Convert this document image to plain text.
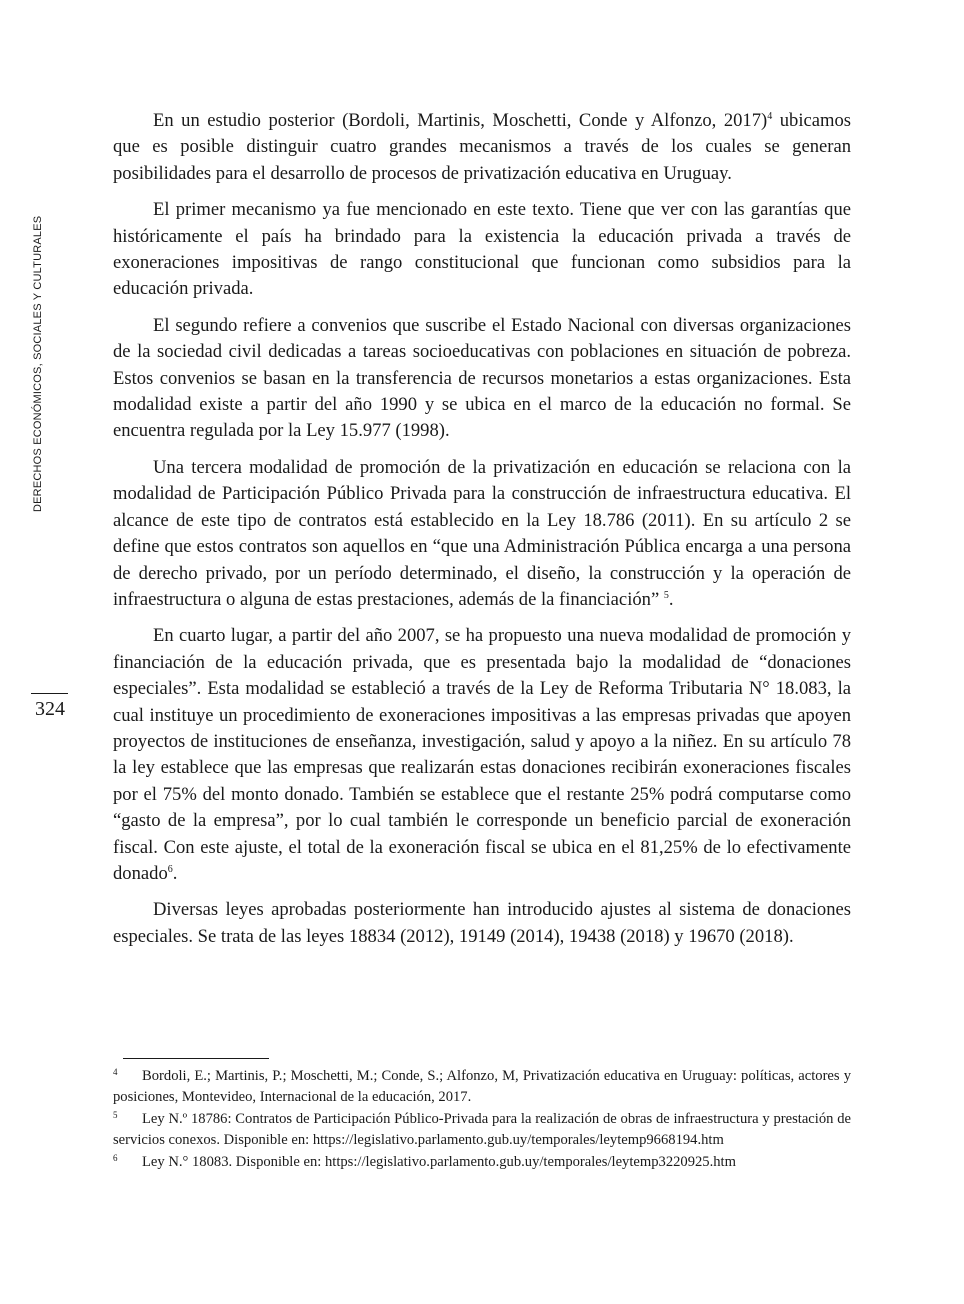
DERECHOS ECONÓMICOS, SOCIALES Y CULTURALES
324

En un estudio posterior (Bordoli, Martinis, Moschetti, Conde y Alfonzo, 2017)$^4$ ubicamos que es posible distinguir cuatro grandes mecanismos a través de los cuales se generan posibilidades para el desarrollo de procesos de privatización educativa en Uruguay.

El primer mecanismo ya fue mencionado en este texto. Tiene que ver con las garantías que históricamente el país ha brindado para la existencia la educación privada a través de exoneraciones impositivas de rango constitucional que funcionan como subsidios para la educación privada.

El segundo refiere a convenios que suscribe el Estado Nacional con diversas organizaciones de la sociedad civil dedicadas a tareas socioeducativas con poblaciones en situación de pobreza. Estos convenios se basan en la transferencia de recursos monetarios a estas organizaciones. Esta modalidad existe a partir del año 1990 y se ubica en el marco de la educación no formal. Se encuentra regulada por la Ley 15.977 (1998).

Una tercera modalidad de promoción de la privatización en educación se relaciona con la modalidad de Participación Público Privada para la construcción de infraestructura educativa. El alcance de este tipo de contratos está establecido en la Ley 18.786 (2011). En su artículo 2 se define que estos contratos son aquellos en “que una Administración Pública encarga a una persona de derecho privado, por un período determinado, el diseño, la construcción y la operación de infraestructura o alguna de estas prestaciones, además de la financiación” $^5$.

En cuarto lugar, a partir del año 2007, se ha propuesto una nueva modalidad de promoción y financiación de la educación privada, que es presentada bajo la modalidad de “donaciones especiales”. Esta modalidad se estableció a través de la Ley de Reforma Tributaria N° 18.083, la cual instituye un procedimiento de exoneraciones impositivas a las empresas privadas que apoyen proyectos de instituciones de enseñanza, investigación, salud y apoyo a la niñez. En su artículo 78 la ley establece que las empresas que realizarán estas donaciones recibirán exoneraciones fiscales por el 75% del monto donado. También se establece que el restante 25% podrá computarse como “gasto de la empresa”, por lo cual también le corresponde un beneficio parcial de exoneración fiscal. Con este ajuste, el total de la exoneración fiscal se ubica en el 81,25% de lo efectivamente donado$^6$.

Diversas leyes aprobadas posteriormente han introducido ajustes al sistema de donaciones especiales. Se trata de las leyes 18834 (2012), 19149 (2014), 19438 (2018) y 19670 (2018).

4 Bordoli, E.; Martinis, P.; Moschetti, M.; Conde, S.; Alfonzo, M, Privatización educativa en Uruguay: políticas, actores y posiciones, Montevideo, Internacional de la educación, 2017.
5 Ley N.º 18786: Contratos de Participación Público-Privada para la realización de obras de infraestructura y prestación de servicios conexos. Disponible en: https://legislativo.parlamento.gub.uy/temporales/leytemp9668194.htm
6 Ley N.° 18083. Disponible en: https://legislativo.parlamento.gub.uy/temporales/leytemp3220925.htm
